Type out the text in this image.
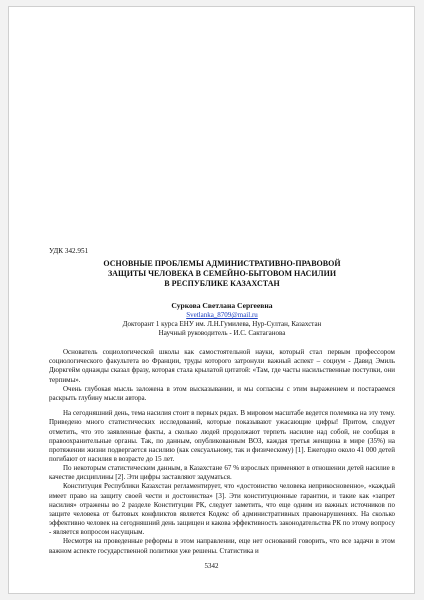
УДК 342.951
ОСНОВНЫЕ ПРОБЛЕМЫ АДМИНИСТРАТИВНО-ПРАВОВОЙ
ЗАЩИТЫ ЧЕЛОВЕКА В СЕМЕЙНО-БЫТОВОМ НАСИЛИИ
В РЕСПУБЛИКЕ КАЗАХСТАН
Суркова Светлана Сергеевна
Svetlanka_8709@mail.ru
Докторант 1 курса ЕНУ им. Л.Н.Гумилева, Нур-Султан, Казахстан
Научный руководитель - И.С. Сактаганова
Основатель социологической школы как самостоятельной науки, который стал первым профессором социологического факультета во Франции, труды которого затронули важный аспект – социум - Давид Эмиль Дюркгейм однажды сказал фразу, которая стала крылатой цитатой: «Там, где часты насильственные поступки, они терпимы».
Очень глубокая мысль заложена в этом высказывании, и мы согласны с этим выражением и постараемся раскрыть глубину мысли автора.

На сегодняшний день, тема насилия стоит в первых рядах. В мировом масштабе ведется полемика на эту тему. Приведено много статистических исследований, которые показывают ужасающие цифры! Притом, следует отметить, что это заявленные факты, а сколько людей продолжают терпеть насилие над собой, не сообщая в правоохранительные органы. Так, по данным, опубликованным ВОЗ, каждая третья женщина в мире (35%) на протяжении жизни подвергается насилию (как сексуальному, так и физическому) [1]. Ежегодно около 41 000 детей погибают от насилия в возрасте до 15 лет.

По некоторым статистическим данным, в Казахстане 67 % взрослых применяют в отношении детей насилие в качестве дисциплины [2]. Эти цифры заставляют задуматься.

Конституция Республики Казахстан регламентирует, что «достоинство человека неприкосновенно», «каждый имеет право на защиту своей чести и достоинства» [3]. Эти конституционные гарантии, и такие как «запрет насилия» отражены во 2 разделе Конституции РК, следует заметить, что еще одним из важных источников по защите человека от бытовых конфликтов является Кодекс об административных правонарушениях. На сколько эффективно человек на сегодняшний день защищен и какова эффективность законодательства РК по этому вопросу - является вопросом насущным.

Несмотря на проведенные реформы в этом направлении, еще нет оснований говорить, что все задачи в этом важном аспекте государственной политики уже решены. Статистика и

5342
